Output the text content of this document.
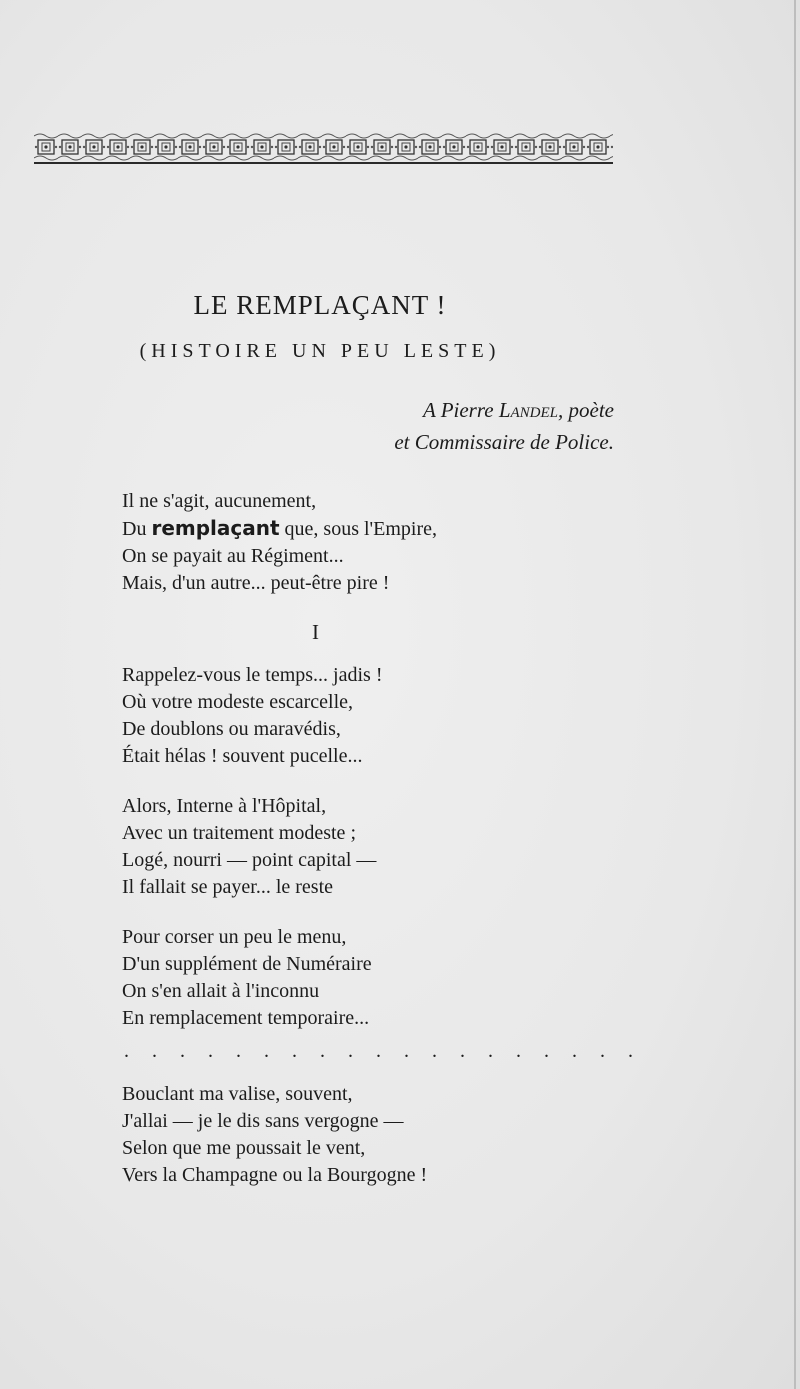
LE REMPLAÇANT !
(HISTOIRE UN PEU LESTE)
A Pierre Landel, poète
et Commissaire de Police.
Il ne s'agit, aucunement,
Du remplaçant que, sous l'Empire,
On se payait au Régiment...
Mais, d'un autre... peut-être pire !
I
Rappelez-vous le temps... jadis !
Où votre modeste escarcelle,
De doublons ou maravédis,
Était hélas ! souvent pucelle...
Alors, Interne à l'Hôpital,
Avec un traitement modeste ;
Logé, nourri — point capital —
Il fallait se payer... le reste
Pour corser un peu le menu,
D'un supplément de Numéraire
On s'en allait à l'inconnu
En remplacement temporaire...
. . . . . . . . . . . . . . . . . . .
Bouclant ma valise, souvent,
J'allai — je le dis sans vergogne —
Selon que me poussait le vent,
Vers la Champagne ou la Bourgogne !
